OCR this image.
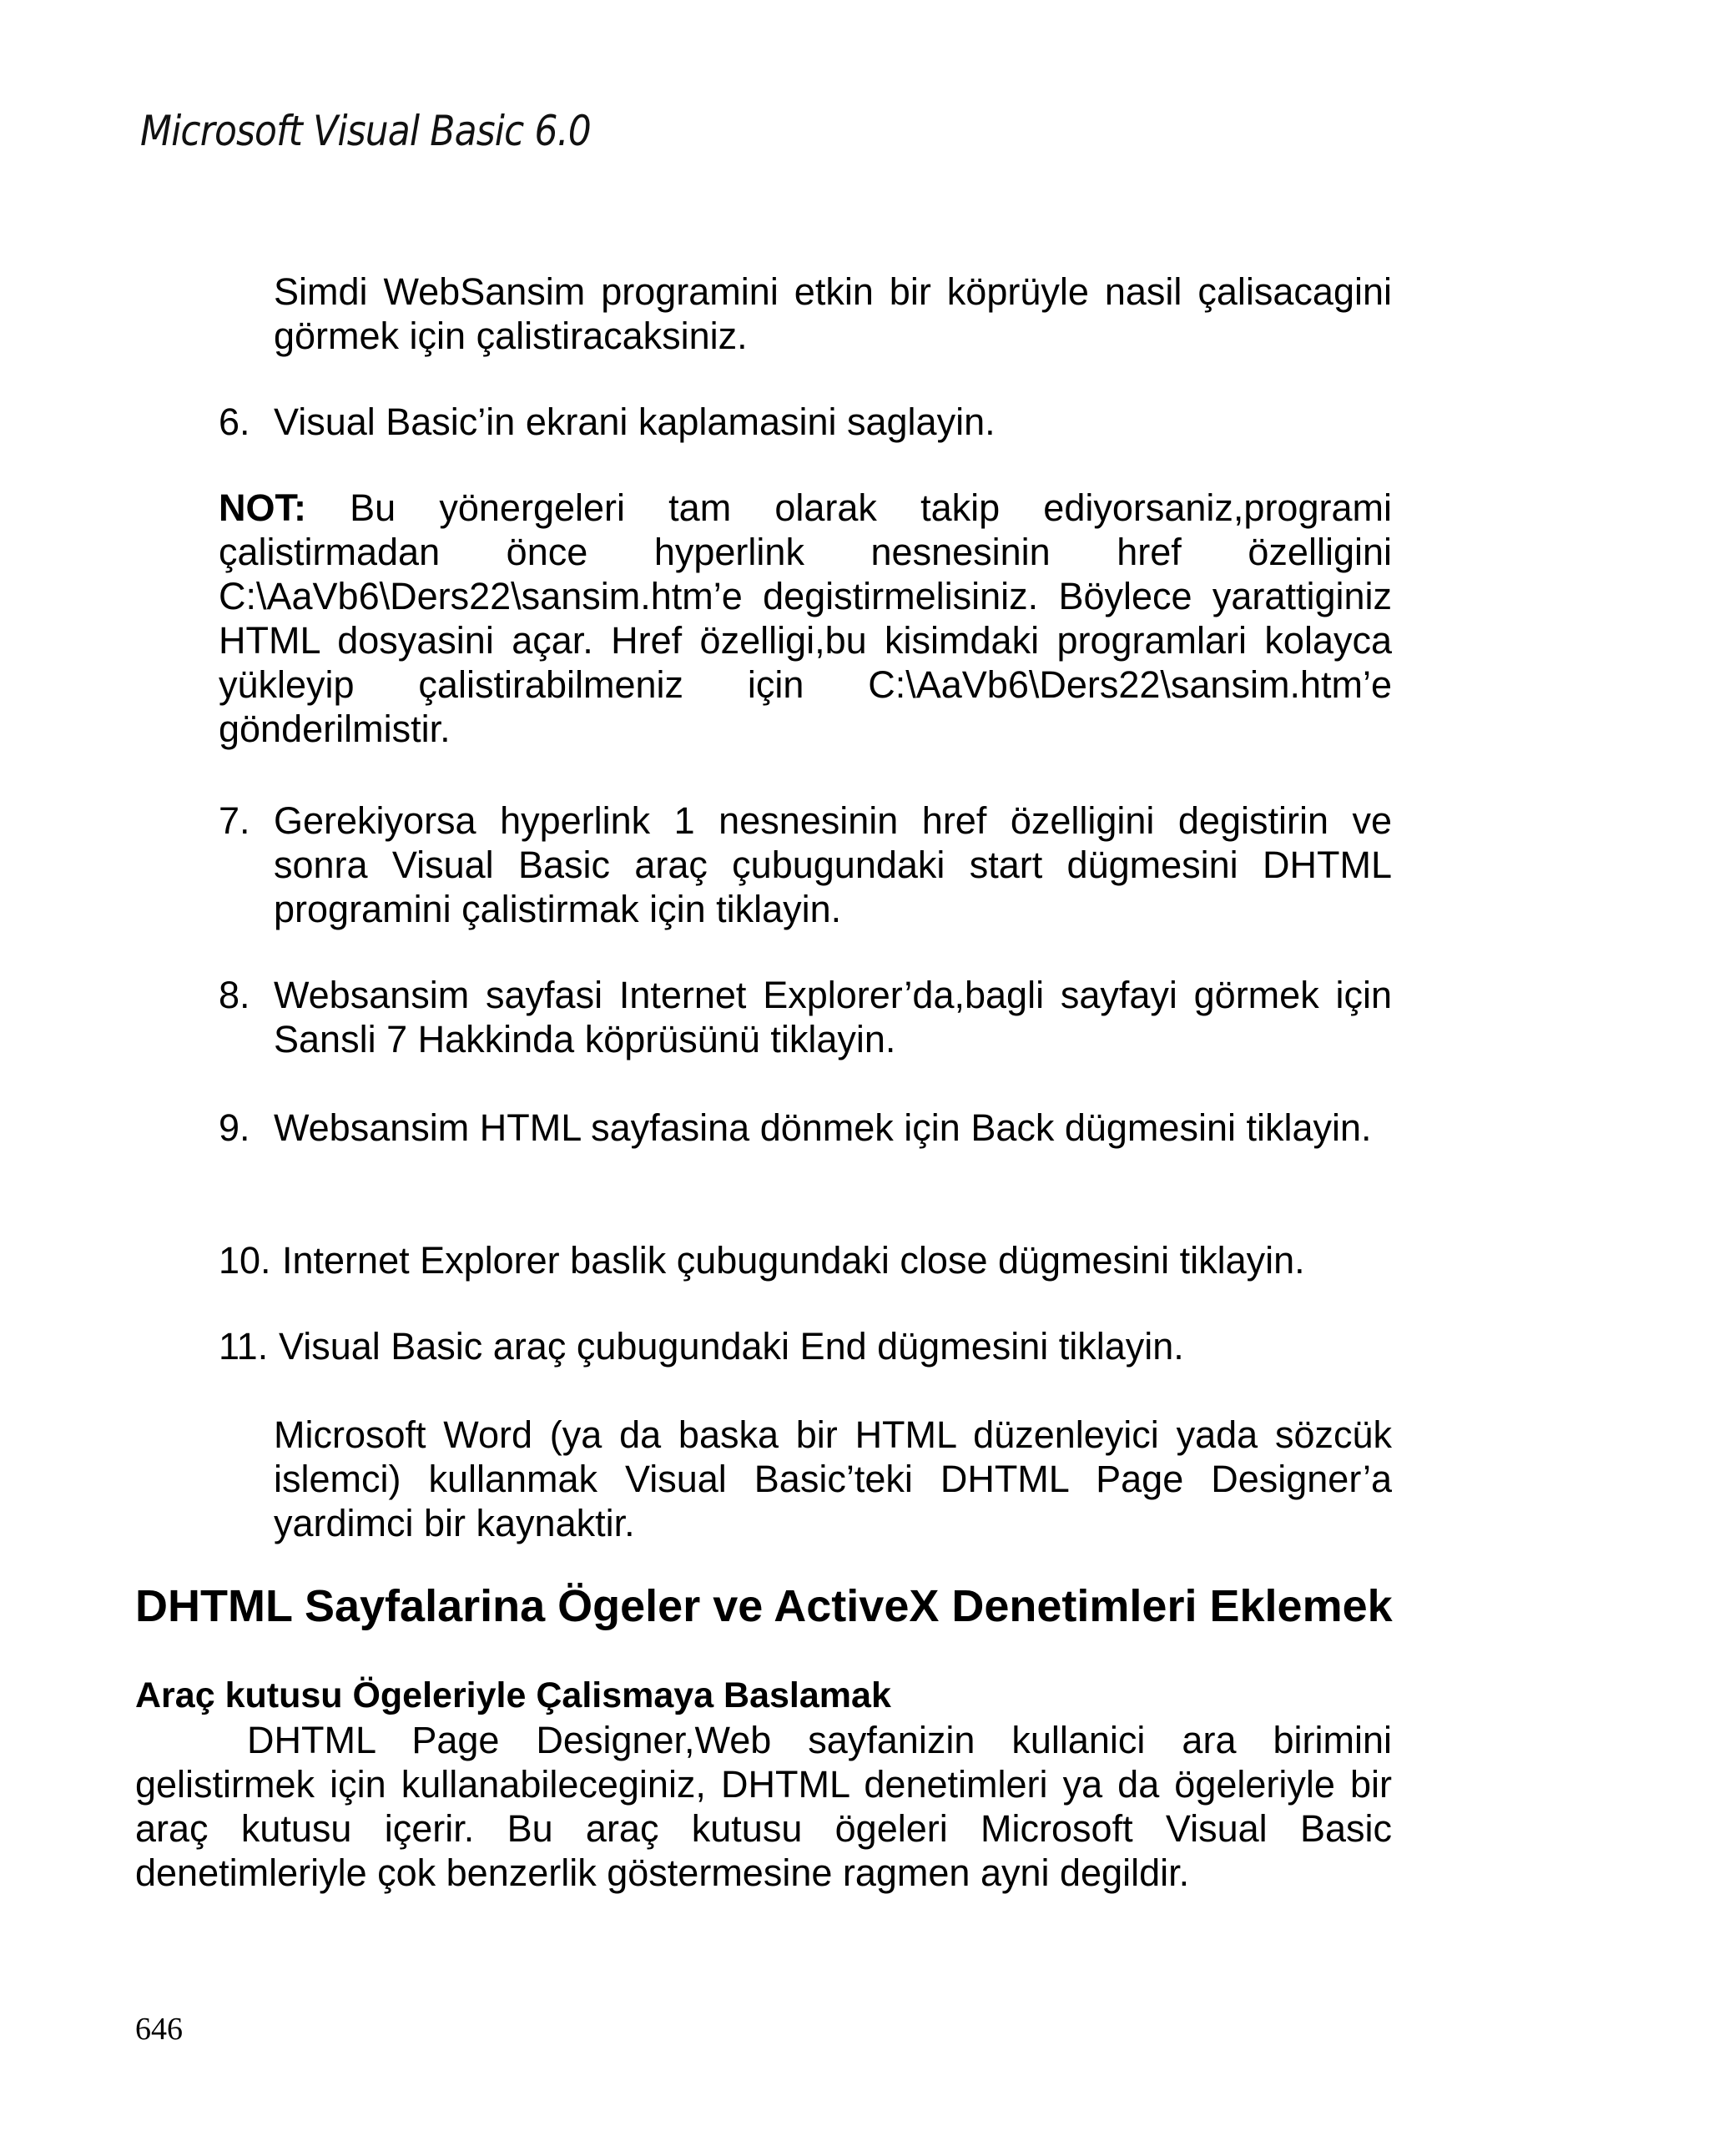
Microsoft Visual Basic 6.0

Simdi WebSansim programini etkin bir köprüyle nasil çalisacagini görmek için çalistiracaksiniz.

6. Visual Basic’in ekrani kaplamasini saglayin.

NOT: Bu yönergeleri tam olarak takip ediyorsaniz,programi çalistirmadan önce hyperlink nesnesinin href özelligini C:\AaVb6\Ders22\sansim.htm’e degistirmelisiniz. Böylece yarattiginiz HTML dosyasini açar. Href özelligi,bu kisimdaki programlari kolayca yükleyip çalistirabilmeniz için C:\AaVb6\Ders22\sansim.htm’e gönderilmistir.

7. Gerekiyorsa hyperlink 1 nesnesinin href özelligini degistirin ve sonra Visual Basic araç çubugundaki start dügmesini DHTML programini çalistirmak için tiklayin.

8. Websansim sayfasi Internet Explorer’da,bagli sayfayi görmek için Sansli 7 Hakkinda köprüsünü tiklayin.

9. Websansim HTML sayfasina dönmek için Back dügmesini tiklayin.

10. Internet Explorer baslik çubugundaki close dügmesini tiklayin.

11. Visual Basic araç çubugundaki End dügmesini tiklayin.

Microsoft Word (ya da baska bir HTML düzenleyici yada sözcük islemci) kullanmak Visual Basic’teki DHTML Page Designer’a yardimci bir kaynaktir.

DHTML Sayfalarina Ögeler ve ActiveX Denetimleri Eklemek
Araç kutusu Ögeleriyle Çalismaya Baslamak

DHTML Page Designer,Web sayfanizin kullanici ara birimini gelistirmek için kullanabileceginiz, DHTML denetimleri ya da ögeleriyle bir araç kutusu içerir. Bu araç kutusu ögeleri Microsoft Visual Basic denetimleriyle çok benzerlik göstermesine ragmen ayni degildir.

646
